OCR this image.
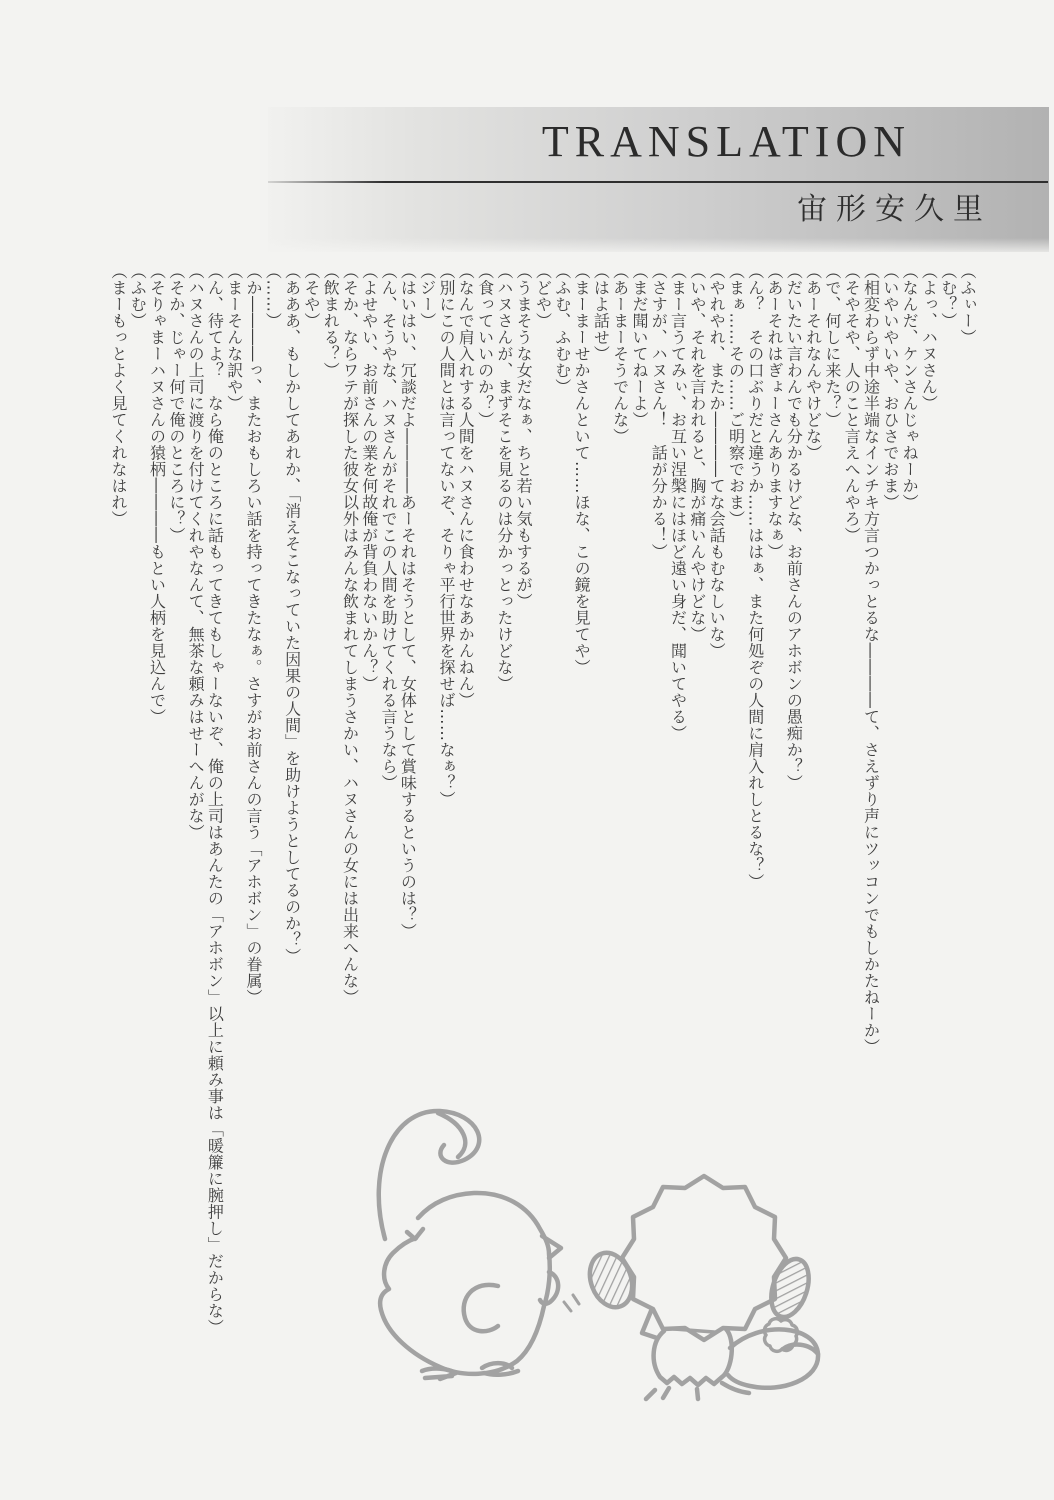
TRANSLATION
宙形安久里

（ふぃー）

（む？）

（よっ、ハヌさん）

（なんだ、ケンさんじゃねーか）

（いやいやいや、おひさでおま）

（相変わらず中途半端なインチキ方言つかっとるな――――て、さえずり声にツッコンでもしかたねーか）

（そやそや、人のこと言えへんやろ）

（で、何しに来た？）

（あーそれなんやけどな）

（だいたい言わんでも分かるけどな、お前さんのアホボンの愚痴か？）

（あーそれはぎょーさんありますなぁ）

（ん？　その口ぶりだと違うか……ははぁ、また何処ぞの人間に肩入れしとるな？）

（まぁ……その……ご明察でおま）

（やれやれ、またか――――てな会話もむなしいな）

（いや、それを言われると、胸が痛いんやけどな）

（まー言うてみぃ、お互い涅槃にはほど遠い身だ、聞いてやる）

（さすが、ハヌさん！　話が分かる！）

（まだ聞いてねーよ）

（あーまーそうでんな）

（はよ話せ）

（まーまーせかさんといて……ほな、この鏡を見てや）

（ふむ、ふむむ）

（どや）

（うまそうな女だなぁ、ちと若い気もするが）

（ハヌさんが、まずそこを見るのは分かっとったけどな）

（食っていいのか？）

（なんで肩入れする人間をハヌさんに食わせなあかんねん）

（別にこの人間とは言ってないぞ、そりゃ平行世界を探せば……なぁ？）

（ジー）

（はいはい、冗談だよ――――あーそれはそうとして、女体として賞味するというのは？）

（ん、そうやな、ハヌさんがそれでこの人間を助けてくれる言うなら）

（よせやい、お前さんの業を何故俺が背負わないかん？）

（そか、ならワテが探した彼女以外はみんな飲まれてしまうさかい、ハヌさんの女には出来へんな）

（飲まれる？）

（そや）

（あああ、もしかしてあれか、「消えそこなっていた因果の人間」を助けようとしてるのか？）

（……）

（か――――っ、またおもしろい話を持ってきたなぁ。さすがお前さんの言う「アホボン」の眷属）

（まーそんな訳や）

（ん、待てよ？　なら俺のところに話もってきてもしゃーないぞ、俺の上司はあんたの「アホボン」以上に頼み事は「暖簾に腕押し」だからな）

（ハヌさんの上司に渡りを付けてくれやなんて、無茶な頼みはせーへんがな）

（そか、じゃー何で俺のところに？）

（そりゃまーハヌさんの猿柄――――もとい人柄を見込んで）

（ふむ）

（まーもっとよく見てくれなはれ）
